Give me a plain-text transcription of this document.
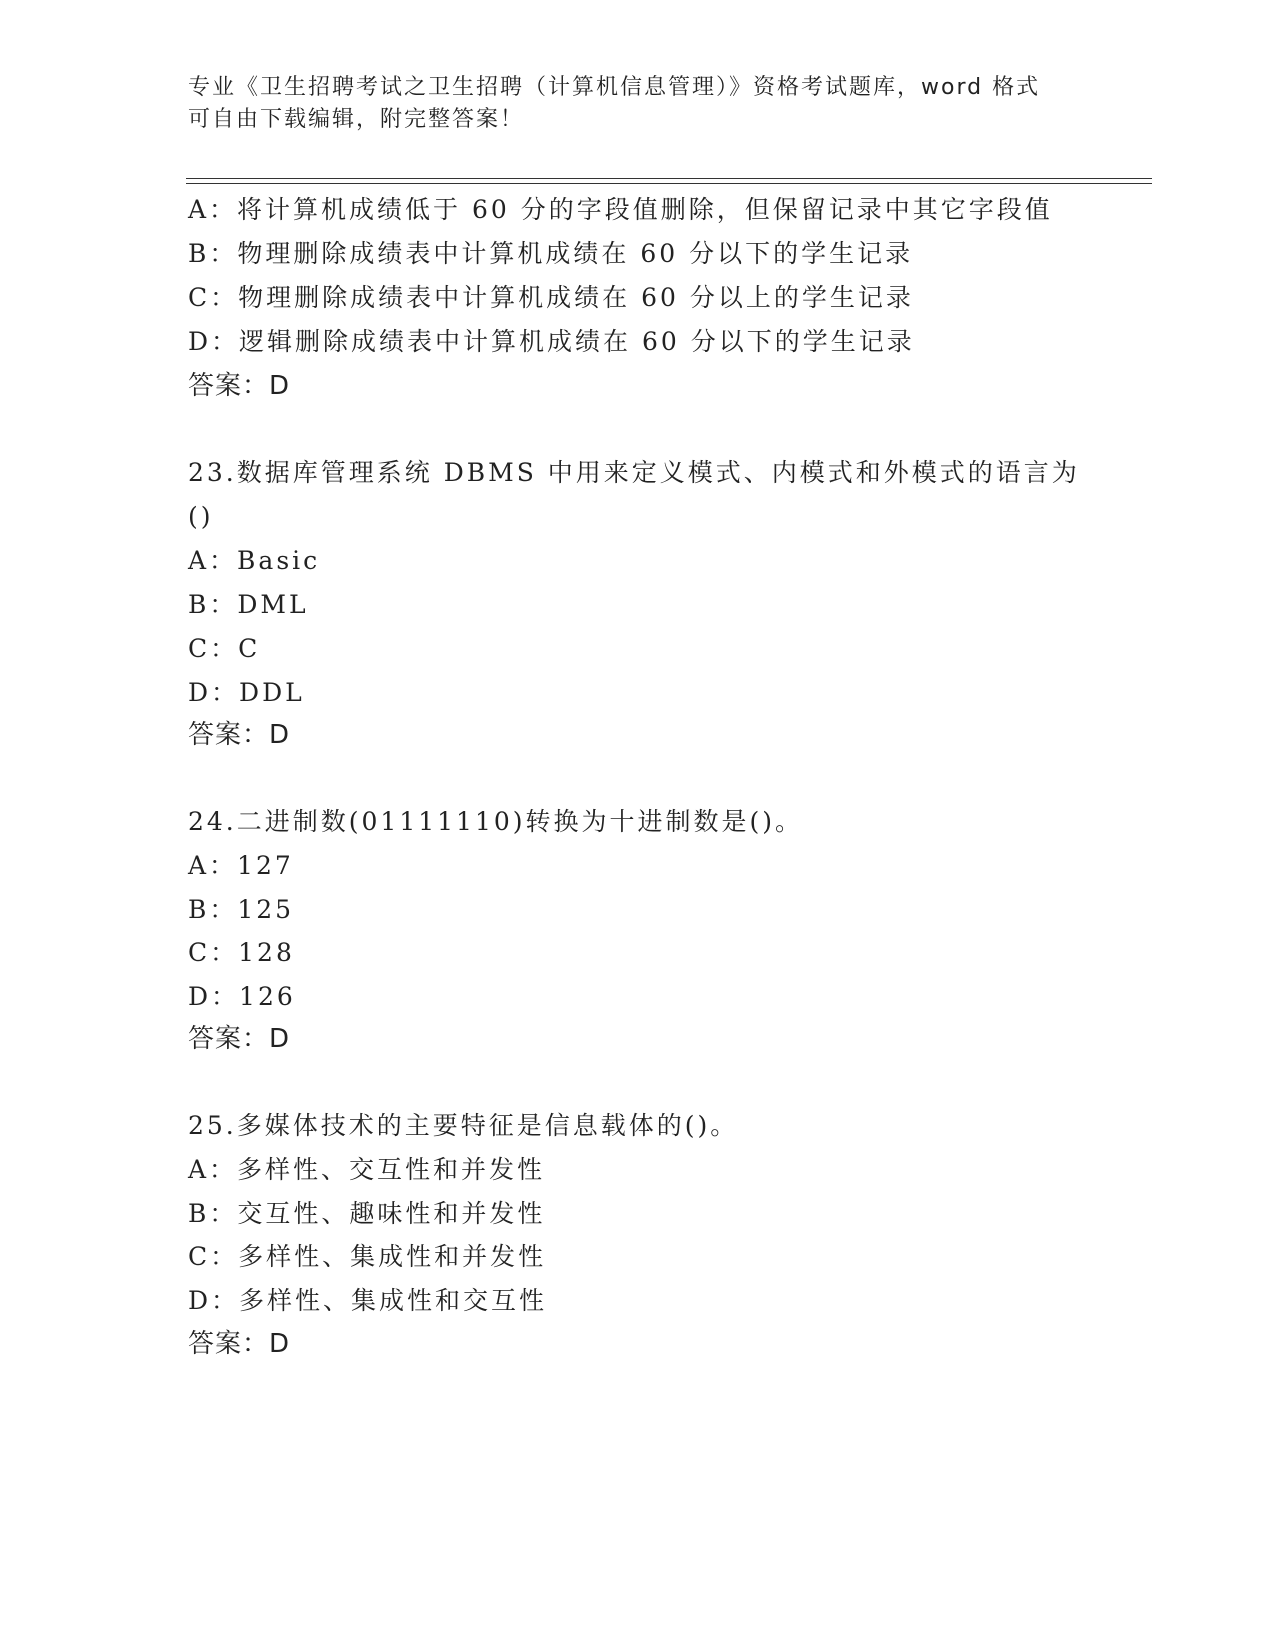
专业《卫生招聘考试之卫生招聘（计算机信息管理）》资格考试题库，word 格式
可自由下载编辑，附完整答案！
A：将计算机成绩低于 60 分的字段值删除，但保留记录中其它字段值
B：物理删除成绩表中计算机成绩在 60 分以下的学生记录
C：物理删除成绩表中计算机成绩在 60 分以上的学生记录
D：逻辑删除成绩表中计算机成绩在 60 分以下的学生记录
答案：D
23.数据库管理系统 DBMS 中用来定义模式、内模式和外模式的语言为
()
A：Basic
B：DML
C：C
D：DDL
答案：D
24.二进制数(01111110)转换为十进制数是()。
A：127
B：125
C：128
D：126
答案：D
25.多媒体技术的主要特征是信息载体的()。
A：多样性、交互性和并发性
B：交互性、趣味性和并发性
C：多样性、集成性和并发性
D：多样性、集成性和交互性
答案：D
